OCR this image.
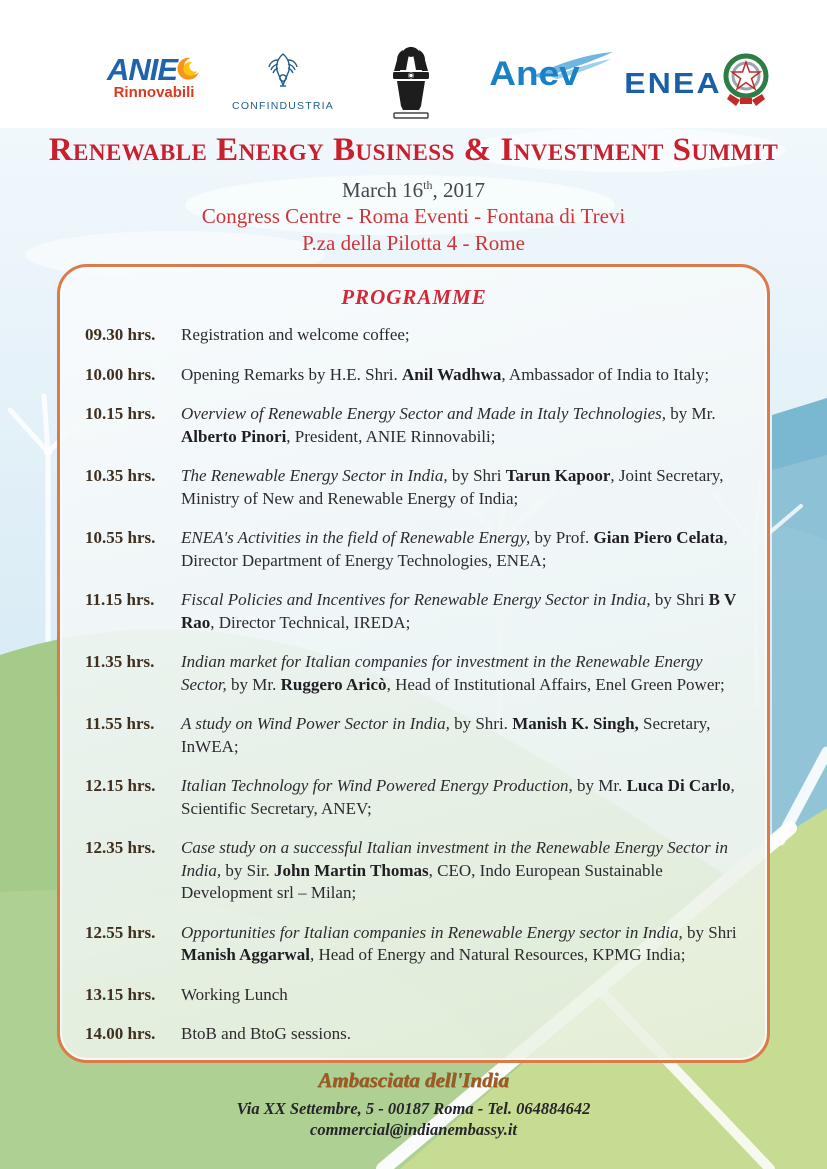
ANIE
Rinnovabili
CONFINDUSTRIA
Anev	ENEA
Renewable Energy Business & Investment Summit
March 16th, 2017
Congress Centre - Roma Eventi - Fontana di Trevi
P.za della Pilotta 4 - Rome
PROGRAMME
09.30 hrs.	Registration and welcome coffee;
10.00 hrs.	Opening Remarks by H.E. Shri. Anil Wadhwa, Ambassador of India to Italy;
10.15 hrs.	Overview of Renewable Energy Sector and Made in Italy Technologies, by Mr. Alberto Pinori, President, ANIE Rinnovabili;
10.35 hrs.	The Renewable Energy Sector in India, by Shri Tarun Kapoor, Joint Secretary, Ministry of New and Renewable Energy of India;
10.55 hrs.	ENEA's Activities in the field of Renewable Energy, by Prof. Gian Piero Celata, Director Department of Energy Technologies, ENEA;
11.15 hrs.	Fiscal Policies and Incentives for Renewable Energy Sector in India, by Shri B V Rao, Director Technical, IREDA;
11.35 hrs.	Indian market for Italian companies for investment in the Renewable Energy Sector, by Mr. Ruggero Aricò, Head of Institutional Affairs, Enel Green Power;
11.55 hrs.	A study on Wind Power Sector in India, by Shri. Manish K. Singh, Secretary, InWEA;
12.15 hrs.	Italian Technology for Wind Powered Energy Production, by Mr. Luca Di Carlo, Scientific Secretary, ANEV;
12.35 hrs.	Case study on a successful Italian investment in the Renewable Energy Sector in India, by Sir. John Martin Thomas, CEO, Indo European Sustainable Development srl – Milan;
12.55 hrs.	Opportunities for Italian companies in Renewable Energy sector in India, by Shri Manish Aggarwal, Head of Energy and Natural Resources, KPMG India;
13.15 hrs.	Working Lunch
14.00 hrs.	BtoB and BtoG sessions.
Ambasciata dell'India
Via XX Settembre, 5 - 00187 Roma - Tel. 064884642
commercial@indianembassy.it
